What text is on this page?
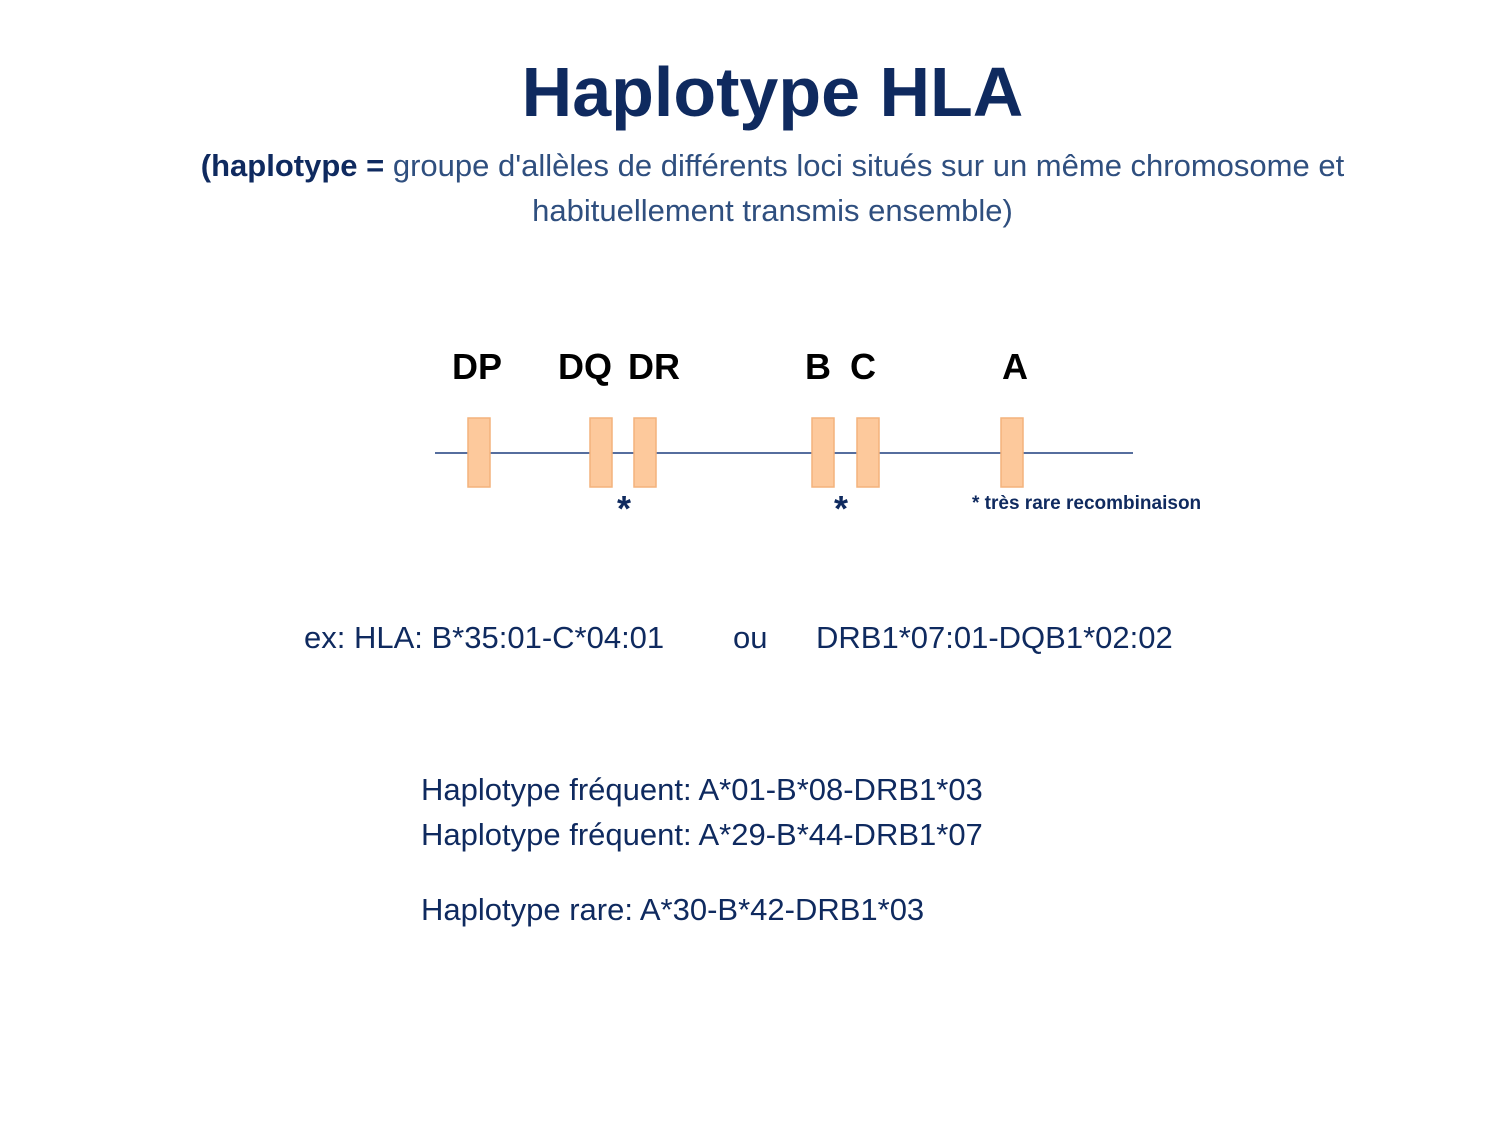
Haplotype HLA
(haplotype = groupe d'allèles de différents loci situés sur un même chromosome et
habituellement transmis ensemble)
DP DQ DR	B C	A
*	*	* très rare recombinaison
ex: HLA: B*35:01-C*04:01 ou DRB1*07:01-DQB1*02:02
Haplotype fréquent: A*01-B*08-DRB1*03
Haplotype fréquent: A*29-B*44-DRB1*07
Haplotype rare: A*30-B*42-DRB1*03
